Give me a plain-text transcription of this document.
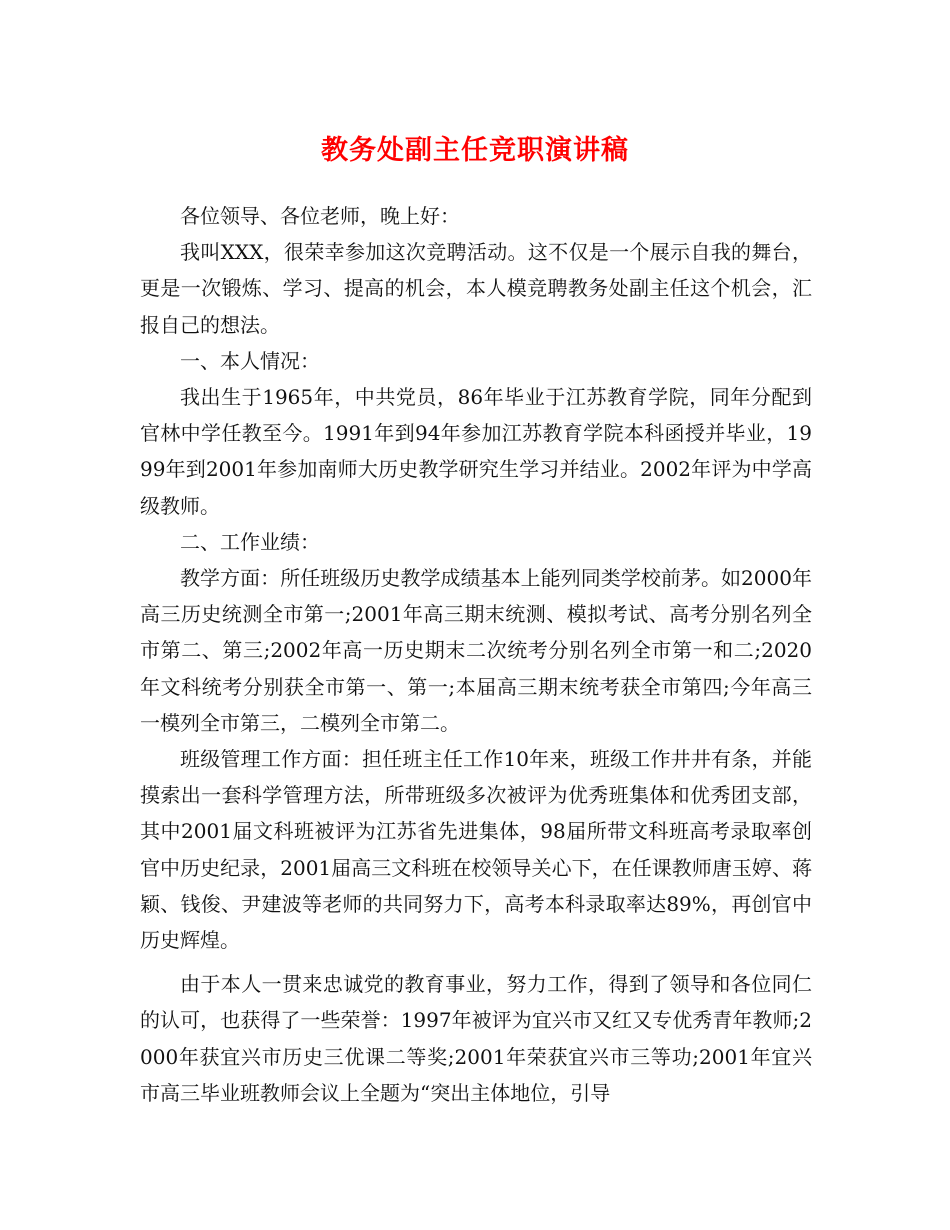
教务处副主任竞职演讲稿

各位领导、各位老师，晚上好：

我叫XXX，很荣幸参加这次竞聘活动。这不仅是一个展示自我的舞台，更是一次锻炼、学习、提高的机会，本人模竞聘教务处副主任这个机会，汇报自己的想法。

一、本人情况：

我出生于1965年，中共党员，86年毕业于江苏教育学院，同年分配到官林中学任教至今。1991年到94年参加江苏教育学院本科函授并毕业，1999年到2001年参加南师大历史教学研究生学习并结业。2002年评为中学高级教师。

二、工作业绩：

教学方面：所任班级历史教学成绩基本上能列同类学校前茅。如2000年高三历史统测全市第一;2001年高三期末统测、模拟考试、高考分别名列全市第二、第三;2002年高一历史期末二次统考分别名列全市第一和二;2020年文科统考分别获全市第一、第一;本届高三期末统考获全市第四;今年高三一模列全市第三，二模列全市第二。

班级管理工作方面：担任班主任工作10年来，班级工作井井有条，并能摸索出一套科学管理方法，所带班级多次被评为优秀班集体和优秀团支部，其中2001届文科班被评为江苏省先进集体，98届所带文科班高考录取率创官中历史纪录，2001届高三文科班在校领导关心下，在任课教师唐玉婷、蒋颖、钱俊、尹建波等老师的共同努力下，高考本科录取率达89%，再创官中历史辉煌。

由于本人一贯来忠诚党的教育事业，努力工作，得到了领导和各位同仁的认可，也获得了一些荣誉：1997年被评为宜兴市又红又专优秀青年教师;2000年获宜兴市历史三优课二等奖;2001年荣获宜兴市三等功;2001年宜兴市高三毕业班教师会议上全题为“突出主体地位，引导
